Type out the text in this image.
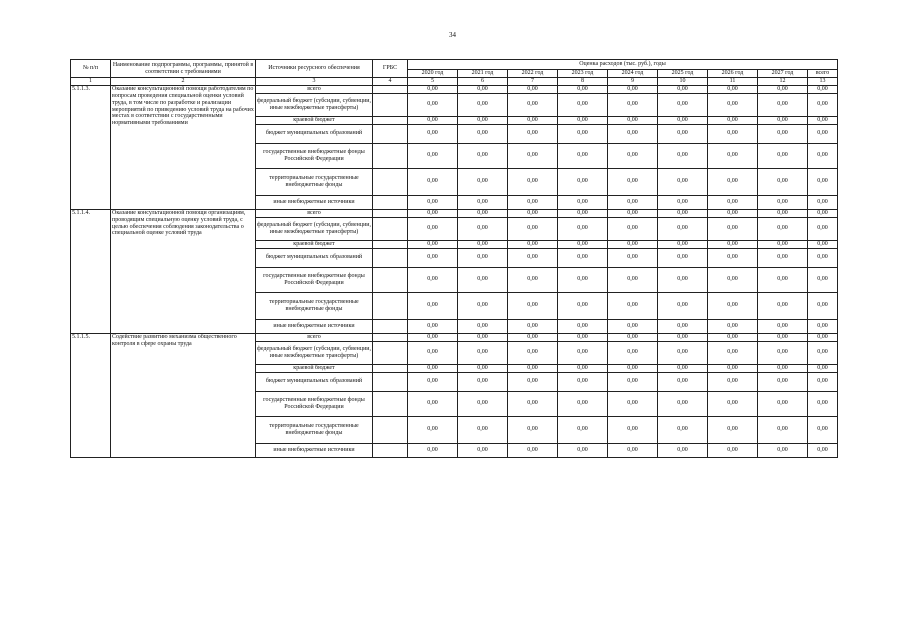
34
№ п/п	Наименование подпрограммы, программы, принятой в соответствии с требованиями	Источники ресурсного обеспечения	ГРБС	Оценка расходов (тыс. руб.), годы								
				2020 год	2021 год	2022 год	2023 год	2024 год	2025 год	2026 год	2027 год	всего
1	2	3	4	5	6	7	8	9	10	11	12	13
5.1.1.3.	Оказание консультационной помощи работодателям по вопросам проведения специальной оценки условий труда, в том числе по разработке и реализации мероприятий по приведению условий труда на рабочих местах в соответствии с государственными нормативными требованиями	всего		0,00	0,00	0,00	0,00	0,00	0,00	0,00	0,00	0,00
		федеральный бюджет (субсидии, субвенции, иные межбюджетные трансферты)		0,00	0,00	0,00	0,00	0,00	0,00	0,00	0,00	0,00
		краевой бюджет		0,00	0,00	0,00	0,00	0,00	0,00	0,00	0,00	0,00
		бюджет муниципальных образований		0,00	0,00	0,00	0,00	0,00	0,00	0,00	0,00	0,00
		государственные внебюджетные фонды Российской Федерации		0,00	0,00	0,00	0,00	0,00	0,00	0,00	0,00	0,00
		территориальные государственные внебюджетные фонды		0,00	0,00	0,00	0,00	0,00	0,00	0,00	0,00	0,00
		иные внебюджетные источники		0,00	0,00	0,00	0,00	0,00	0,00	0,00	0,00	0,00
5.1.1.4.	Оказание консультационной помощи организациям, проводящим специальную оценку условий труда, с целью обеспечения соблюдения законодательства о специальной оценке условий труда	всего		0,00	0,00	0,00	0,00	0,00	0,00	0,00	0,00	0,00
		федеральный бюджет (субсидии, субвенции, иные межбюджетные трансферты)		0,00	0,00	0,00	0,00	0,00	0,00	0,00	0,00	0,00
		краевой бюджет		0,00	0,00	0,00	0,00	0,00	0,00	0,00	0,00	0,00
		бюджет муниципальных образований		0,00	0,00	0,00	0,00	0,00	0,00	0,00	0,00	0,00
		государственные внебюджетные фонды Российской Федерации		0,00	0,00	0,00	0,00	0,00	0,00	0,00	0,00	0,00
		территориальные государственные внебюджетные фонды		0,00	0,00	0,00	0,00	0,00	0,00	0,00	0,00	0,00
		иные внебюджетные источники		0,00	0,00	0,00	0,00	0,00	0,00	0,00	0,00	0,00
5.1.1.5.	Содействие развитию механизма общественного контроля в сфере охраны труда	всего		0,00	0,00	0,00	0,00	0,00	0,00	0,00	0,00	0,00
		федеральный бюджет (субсидии, субвенции, иные межбюджетные трансферты)		0,00	0,00	0,00	0,00	0,00	0,00	0,00	0,00	0,00
		краевой бюджет		0,00	0,00	0,00	0,00	0,00	0,00	0,00	0,00	0,00
		бюджет муниципальных образований		0,00	0,00	0,00	0,00	0,00	0,00	0,00	0,00	0,00
		государственные внебюджетные фонды Российской Федерации		0,00	0,00	0,00	0,00	0,00	0,00	0,00	0,00	0,00
		территориальные государственные внебюджетные фонды		0,00	0,00	0,00	0,00	0,00	0,00	0,00	0,00	0,00
		иные внебюджетные источники		0,00	0,00	0,00	0,00	0,00	0,00	0,00	0,00	0,00
